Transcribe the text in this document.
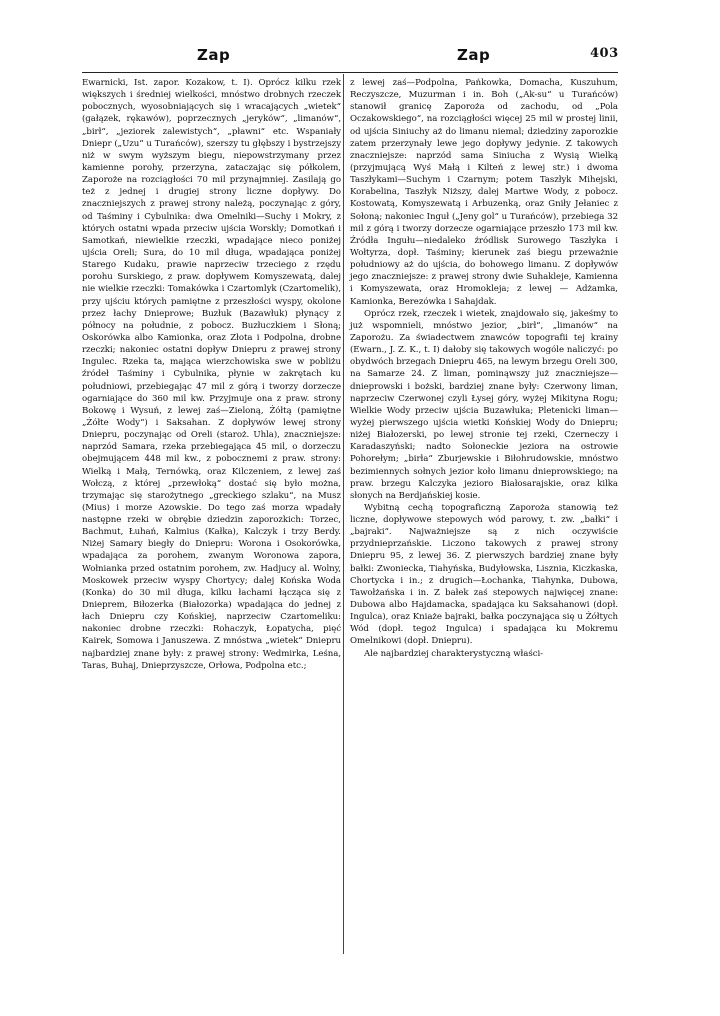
Zap	Zap	403

Ewarnicki, Ist. zapor. Kozakow, t. I). Oprócz kilku rzek większych i średniej wielkości, mnóstwo drobnych rzeczek pobocznych, wyosobniających się i wracających „wietek“ (gałązek, rękawów), poprzecznych „jeryków“, „limanów“, „birł“, „jeziorek zalewistych“, „pławni“ etc. Wspaniały Dniepr („Uzu“ u Turańców), szerszy tu głębszy i bystrzejszy niż w swym wyższym biegu, niepowstrzymany przez kamienne porohy, przerzyna, zataczając się półkolem, Zaporoże na rozciągłości 70 mil przynajmniej. Zasilają go też z jednej i drugiej strony liczne dopływy. Do znaczniejszych z prawej strony należą, poczynając z góry, od Taśminy i Cybulnika: dwa Omelniki—Suchy i Mokry, z których ostatni wpada przeciw ujścia Worskly; Domotkań i Samotkań, niewielkie rzeczki, wpadające nieco poniżej ujścia Oreli; Sura, do 10 mil długa, wpadająca poniżej Starego Kudaku, prawie naprzeciw trzeciego z rzędu porohu Surskiego, z praw. dopływem Komyszewatą, dalej nie wielkie rzeczki: Tomakówka i Czartomlyk (Czartomelik), przy ujściu których pamiętne z przeszłości wyspy, okolone przez łachy Dnieprowe; Buzłuk (Bazawłuk) płynący z północy na południe, z pobocz. Buzłuczkiem i Słoną; Oskorówka albo Kamionka, oraz Złota i Podpolna, drobne rzeczki; nakoniec ostatni dopływ Dniepru z prawej strony Ingulec. Rzeka ta, mająca wierzchowiska swe w pobliżu źródeł Taśminy i Cybulnika, płynie w zakrętach ku południowi, przebiegając 47 mil z górą i tworzy dorzecze ogarniające do 360 mil kw. Przyjmuje ona z praw. strony Bokowę i Wysuń, z lewej zaś—Zieloną, Żółtą (pamiętne „Żółte Wody“) i Saksahan. Z dopływów lewej strony Dniepru, poczynając od Oreli (staroż. Uhla), znaczniejsze: naprzód Samara, rzeka przebiegająca 45 mil, o dorzeczu obejmującem 448 mil kw., z pobocznemi z praw. strony: Wielką i Małą, Ternówką, oraz Kilczeniem, z lewej zaś Wołczą, z której „przewłoką“ dostać się było można, trzymając się starożytnego „greckiego szlaku“, na Musz (Mius) i morze Azowskie. Do tego zaś morza wpadały następne rzeki w obrębie dziedzin zaporozkich: Torzec, Bachmut, Łuhań, Kalmius (Kałka), Kalczyk i trzy Berdy. Niżej Samary biegły do Dniepru: Worona i Osokorówka, wpadająca za porohem, zwanym Woronowa zapora, Wołnianka przed ostatnim porohem, zw. Hadjucy al. Wolny, Moskowek przeciw wyspy Chortycy; dalej Końska Woda (Konka) do 30 mil długa, kilku łachami łącząca się z Dnieprem, Biłozerka (Białozorka) wpadająca do jednej z łach Dniepru czy Końskiej, naprzeciw Czartomeliku: nakoniec drobne rzeczki: Rohaczyk, Łopatycha, pięć Kairek, Somowa i Januszewa. Z mnóstwa „wietek“ Dniepru najbardziej znane były: z prawej strony: Wedmirka, Leśna, Taras, Buhaj, Dnieprzyszcze, Orłowa, Podpolna etc.;

z lewej zaś—Podpolna, Pańkowka, Domacha, Kuszuhum, Reczyszcze, Muzurman i in. Boh („Ak-su“ u Turańców) stanowił granicę Zaporoża od zachodu, od „Pola Oczakowskiego“, na rozciągłości więcej 25 mil w prostej linii, od ujścia Siniuchy aż do limanu niemal; dziedziny zaporozkie zatem przerzynały lewe jego dopływy jedynie. Z takowych znaczniejsze: naprzód sama Siniucha z Wysią Wielką (przyjmującą Wyś Małą i Kilteń z lewej str.) i dwoma Taszłykami—Suchym i Czarnym; potem Taszłyk Mihejski, Korabelina, Taszłyk Niższy, dalej Martwe Wody, z pobocz. Kostowatą, Komyszewatą i Arbuzenką, oraz Gniły Jełaniec z Sołoną; nakoniec Inguł („Jeny gol“ u Turańców), przebiega 32 mil z górą i tworzy dorzecze ogarniające przeszło 173 mil kw. Źródła Ingułu—niedaleko źródlisk Surowego Taszłyka i Wołtyrza, dopł. Taśminy; kierunek zaś biegu przeważnie południowy aż do ujścia, do bohowego limanu. Z dopływów jego znaczniejsze: z prawej strony dwie Suhakleje, Kamienna i Komyszewata, oraz Hromokleja; z lewej — Adżamka, Kamionka, Berezówka i Sahajdak.

Oprócz rzek, rzeczek i wietek, znajdowało się, jakeśmy to już wspomnieli, mnóstwo jezior, „birł“, „limanów“ na Zaporożu. Za świadectwem znawców topografii tej krainy (Ewarn., J. Z. K., t. I) dałoby się takowych wogóle naliczyć: po obydwóch brzegach Dniepru 465, na lewym brzegu Oreli 300, na Samarze 24. Z liman, pominąwszy już znaczniejsze—dnieprowski i bożski, bardziej znane były: Czerwony liman, naprzeciw Czerwonej czyli Łysej góry, wyżej Mikityna Rogu; Wielkie Wody przeciw ujścia Buzawłuka; Pletenicki liman—wyżej pierwszego ujścia wietki Końskiej Wody do Dniepru; niżej Białozerski, po lewej stronie tej rzeki, Czerneczy i Karadaszyński; nadto Sołoneckie jeziora na ostrowie Pohorełym; „birła“ Zburjewskie i Biłohrudowskie, mnóstwo bezimiennych sołnych jezior koło limanu dnieprowskiego; na praw. brzegu Kalczyka jezioro Białosarajskie, oraz kilka słonych na Berdjańskiej kosie.

Wybitną cechą topograficzną Zaporoża stanowią też liczne, dopływowe stepowych wód parowy, t. zw. „bałki“ i „bajraki“. Najważniejsze są z nich oczywiście przydnieprzańskie. Liczono takowych z prawej strony Dniepru 95, z lewej 36. Z pierwszych bardziej znane były bałki: Zwoniecka, Tiahyńska, Budyłowska, Lisznia, Kiczkaska, Chortycka i in.; z drugich—Łochanka, Tiahynka, Dubowa, Tawołżańska i in. Z bałek zaś stepowych najwięcej znane: Dubowa albo Hajdamacka, spadająca ku Saksahanowi (dopł. Ingulca), oraz Kniaże bajraki, bałka poczynająca się u Żółtych Wód (dopł. tegoż Ingulca) i spadająca ku Mokremu Omelnikowi (dopł. Dniepru).

Ale najbardziej charakterystyczną właści-
